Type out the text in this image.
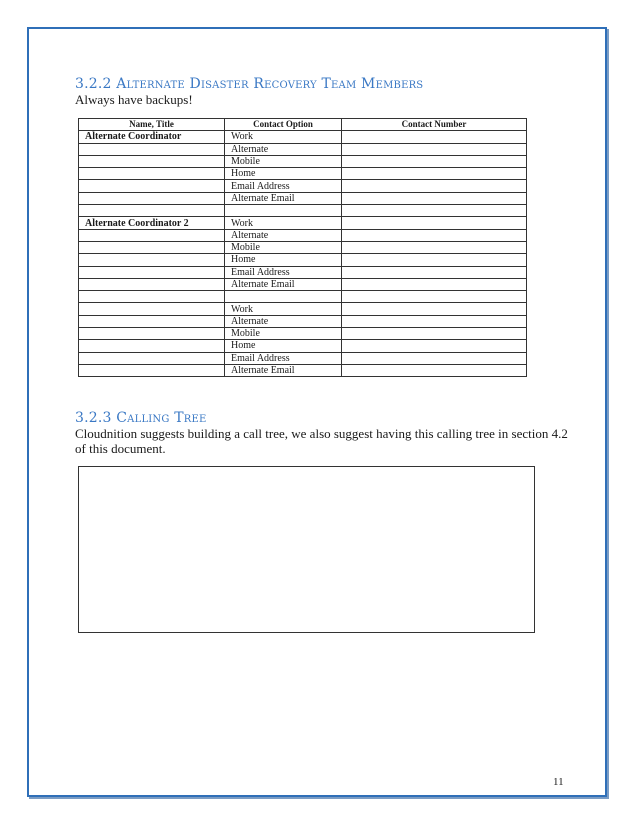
3.2.2 Alternate Disaster Recovery Team Members

Always have backups!

Name, Title	Contact Option	Contact Number
Alternate Coordinator	Work	
	Alternate	
	Mobile	
	Home	
	Email Address	
	Alternate Email	

Alternate Coordinator 2	Work	
	Alternate	
	Mobile	
	Home	
	Email Address	
	Alternate Email	

	Work	
	Alternate	
	Mobile	
	Home	
	Email Address	
	Alternate Email	
3.2.3 Calling Tree

Cloudnition suggests building a call tree, we also suggest having this calling tree in section 4.2 of this document.

11
